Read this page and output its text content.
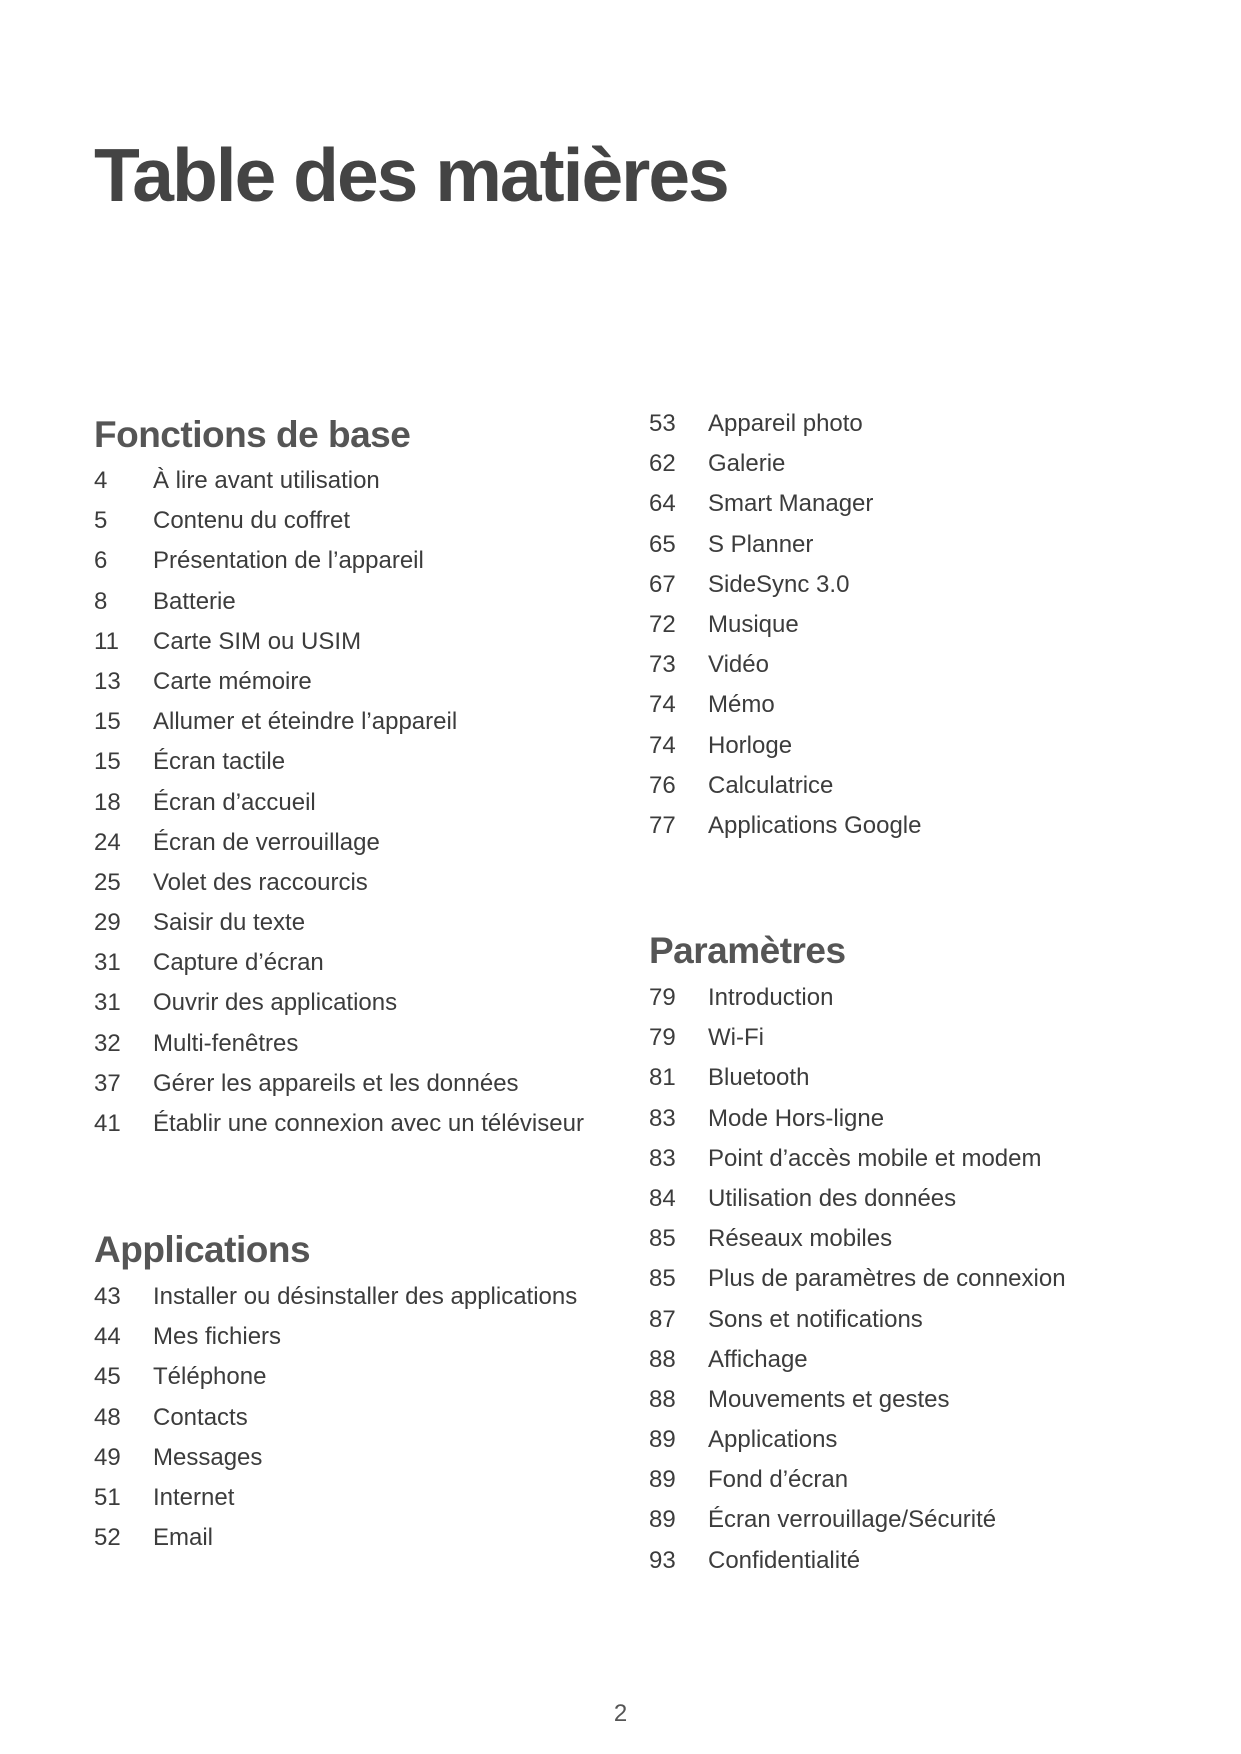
Table des matières
Fonctions de base
4	À lire avant utilisation
5	Contenu du coffret
6	Présentation de l’appareil
8	Batterie
11	Carte SIM ou USIM
13	Carte mémoire
15	Allumer et éteindre l’appareil
15	Écran tactile
18	Écran d’accueil
24	Écran de verrouillage
25	Volet des raccourcis
29	Saisir du texte
31	Capture d’écran
31	Ouvrir des applications
32	Multi-fenêtres
37	Gérer les appareils et les données
41	Établir une connexion avec un téléviseur
Applications
43	Installer ou désinstaller des applications
44	Mes fichiers
45	Téléphone
48	Contacts
49	Messages
51	Internet
52	Email
53	Appareil photo
62	Galerie
64	Smart Manager
65	S Planner
67	SideSync 3.0
72	Musique
73	Vidéo
74	Mémo
74	Horloge
76	Calculatrice
77	Applications Google
Paramètres
79	Introduction
79	Wi-Fi
81	Bluetooth
83	Mode Hors-ligne
83	Point d’accès mobile et modem
84	Utilisation des données
85	Réseaux mobiles
85	Plus de paramètres de connexion
87	Sons et notifications
88	Affichage
88	Mouvements et gestes
89	Applications
89	Fond d’écran
89	Écran verrouillage/Sécurité
93	Confidentialité
2
